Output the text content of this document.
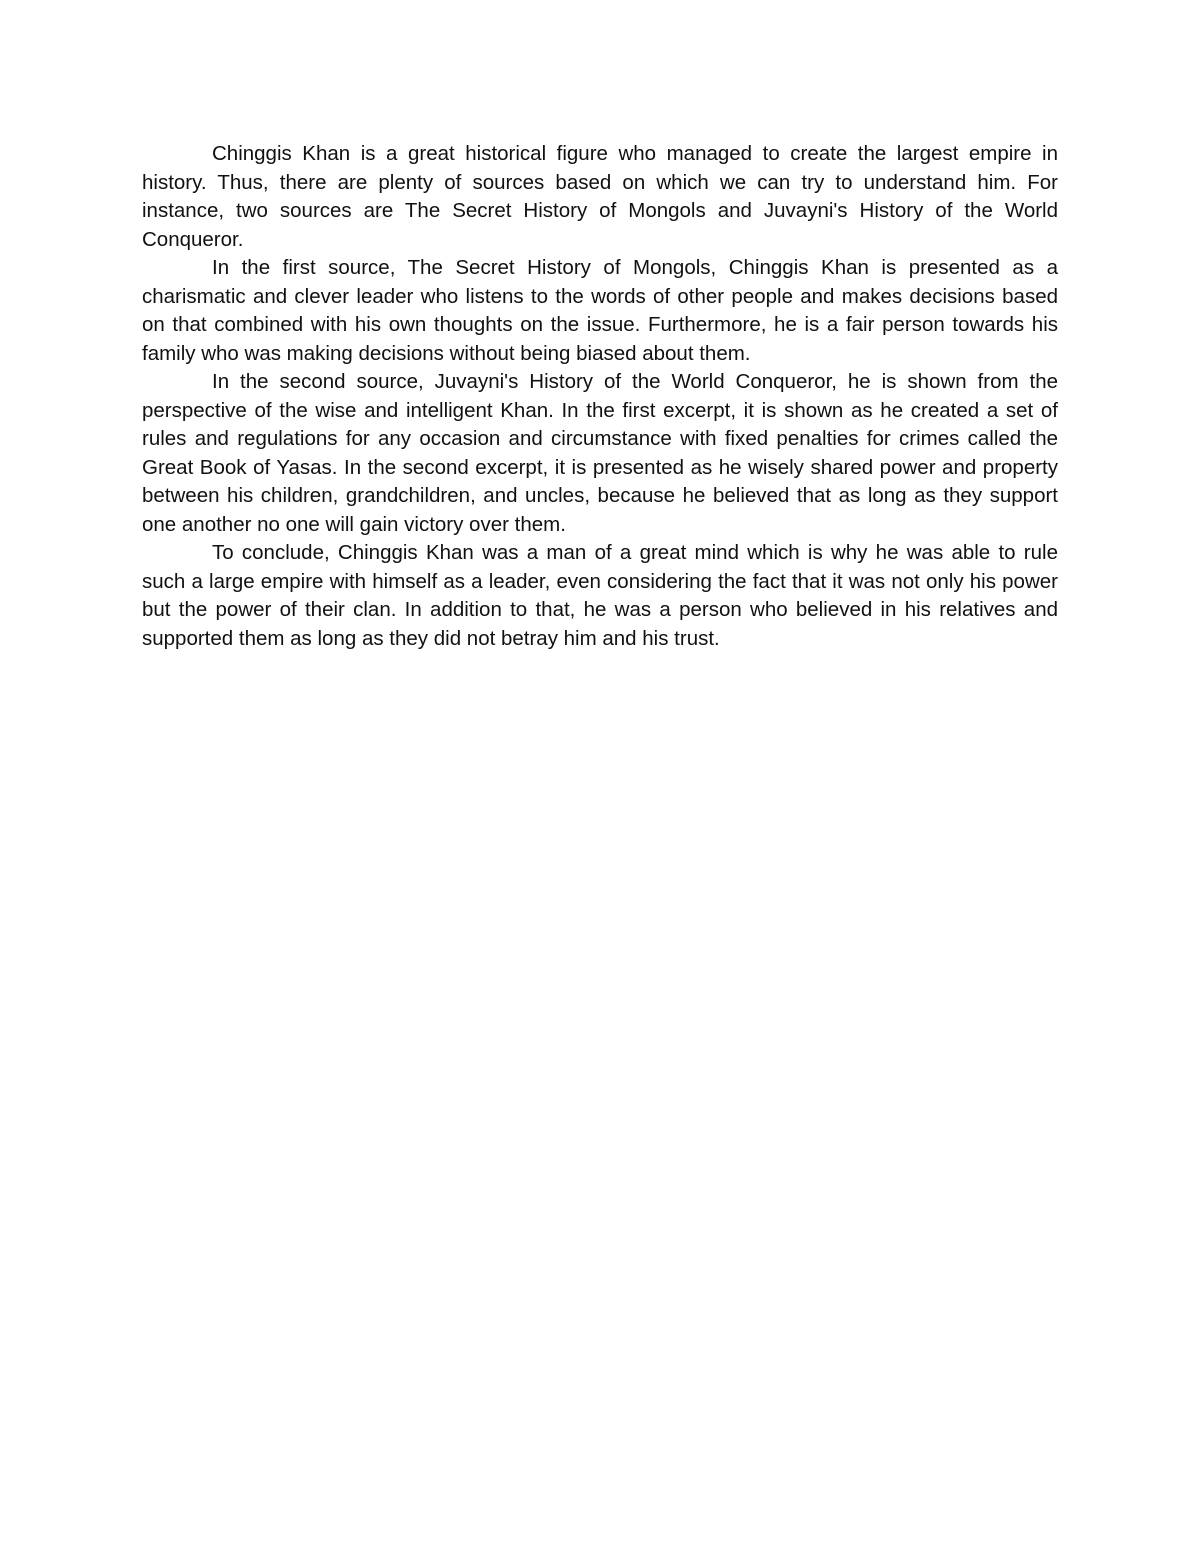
Chinggis Khan is a great historical figure who managed to create the largest empire in history. Thus, there are plenty of sources based on which we can try to understand him. For instance, two sources are The Secret History of Mongols and Juvayni's History of the World Conqueror.

In the first source, The Secret History of Mongols, Chinggis Khan is presented as a charismatic and clever leader who listens to the words of other people and makes decisions based on that combined with his own thoughts on the issue. Furthermore, he is a fair person towards his family who was making decisions without being biased about them.

In the second source, Juvayni's History of the World Conqueror, he is shown from the perspective of the wise and intelligent Khan. In the first excerpt, it is shown as he created a set of rules and regulations for any occasion and circumstance with fixed penalties for crimes called the Great Book of Yasas. In the second excerpt, it is presented as he wisely shared power and property between his children, grandchildren, and uncles, because he believed that as long as they support one another no one will gain victory over them.

To conclude, Chinggis Khan was a man of a great mind which is why he was able to rule such a large empire with himself as a leader, even considering the fact that it was not only his power but the power of their clan. In addition to that, he was a person who believed in his relatives and supported them as long as they did not betray him and his trust.
